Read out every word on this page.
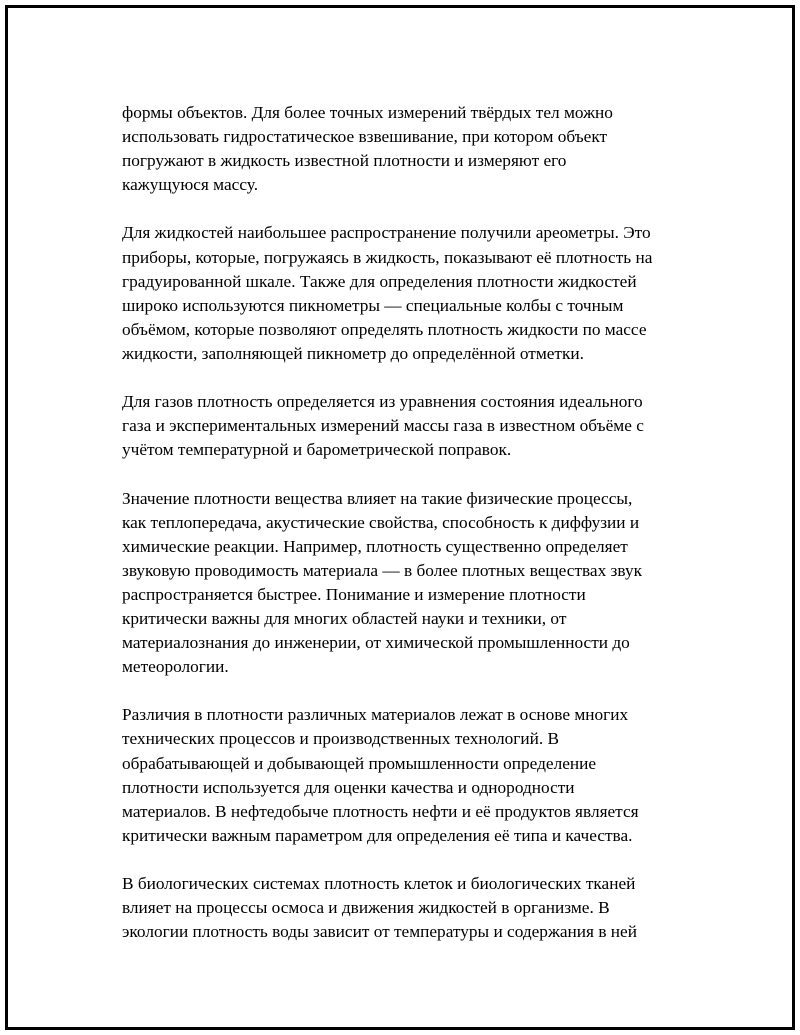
формы объектов. Для более точных измерений твёрдых тел можно
использовать гидростатическое взвешивание, при котором объект
погружают в жидкость известной плотности и измеряют его
кажущуюся массу.

Для жидкостей наибольшее распространение получили ареометры. Это
приборы, которые, погружаясь в жидкость, показывают её плотность на
градуированной шкале. Также для определения плотности жидкостей
широко используются пикнометры — специальные колбы с точным
объёмом, которые позволяют определять плотность жидкости по массе
жидкости, заполняющей пикнометр до определённой отметки.

Для газов плотность определяется из уравнения состояния идеального
газа и экспериментальных измерений массы газа в известном объёме с
учётом температурной и барометрической поправок.

Значение плотности вещества влияет на такие физические процессы,
как теплопередача, акустические свойства, способность к диффузии и
химические реакции. Например, плотность существенно определяет
звуковую проводимость материала — в более плотных веществах звук
распространяется быстрее. Понимание и измерение плотности
критически важны для многих областей науки и техники, от
материалознания до инженерии, от химической промышленности до
метеорологии.

Различия в плотности различных материалов лежат в основе многих
технических процессов и производственных технологий. В
обрабатывающей и добывающей промышленности определение
плотности используется для оценки качества и однородности
материалов. В нефтедобыче плотность нефти и её продуктов является
критически важным параметром для определения её типа и качества.

В биологических системах плотность клеток и биологических тканей
влияет на процессы осмоса и движения жидкостей в организме. В
экологии плотность воды зависит от температуры и содержания в ней
